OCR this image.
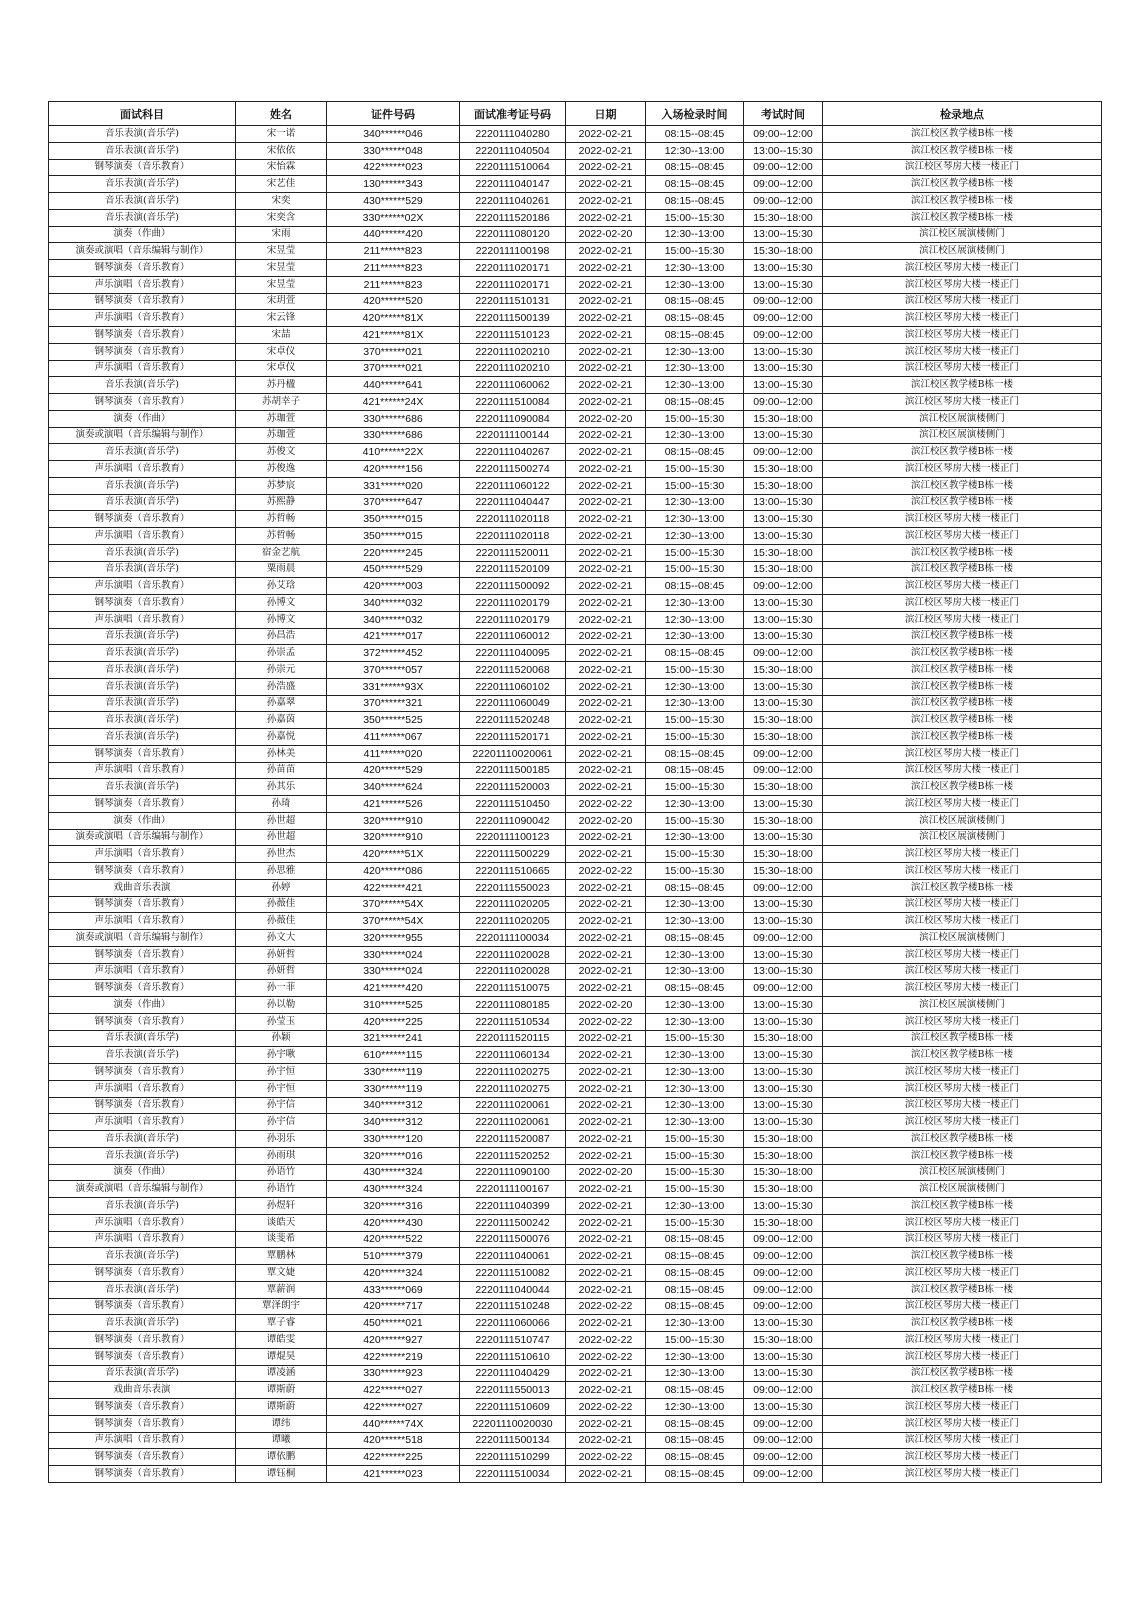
面试科目	姓名	证件号码	面试准考证号码	日期	入场检录时间	考试时间	检录地点
音乐表演(音乐学)	宋一诺	340******046	2220111040280	2022-02-21	08:15--08:45	09:00--12:00	滨江校区教学楼B栋一楼
音乐表演(音乐学)	宋依依	330******048	2220111040504	2022-02-21	12:30--13:00	13:00--15:30	滨江校区教学楼B栋一楼
钢琴演奏（音乐教育）	宋怡霖	422******023	2220111510064	2022-02-21	08:15--08:45	09:00--12:00	滨江校区琴房大楼一楼正门
音乐表演(音乐学)	宋艺佳	130******343	2220111040147	2022-02-21	08:15--08:45	09:00--12:00	滨江校区教学楼B栋一楼
音乐表演(音乐学)	宋奕	430******529	2220111040261	2022-02-21	08:15--08:45	09:00--12:00	滨江校区教学楼B栋一楼
音乐表演(音乐学)	宋奕含	330******02X	2220111520186	2022-02-21	15:00--15:30	15:30--18:00	滨江校区教学楼B栋一楼
演奏（作曲）	宋雨	440******420	2220111080120	2022-02-20	12:30--13:00	13:00--15:30	滨江校区展演楼侧门
演奏或演唱（音乐编辑与制作）	宋昱莹	211******823	2220111100198	2022-02-21	15:00--15:30	15:30--18:00	滨江校区展演楼侧门
钢琴演奏（音乐教育）	宋昱莹	211******823	2220111020171	2022-02-21	12:30--13:00	13:00--15:30	滨江校区琴房大楼一楼正门
声乐演唱（音乐教育）	宋昱莹	211******823	2220111020171	2022-02-21	12:30--13:00	13:00--15:30	滨江校区琴房大楼一楼正门
钢琴演奏（音乐教育）	宋玥萱	420******520	2220111510131	2022-02-21	08:15--08:45	09:00--12:00	滨江校区琴房大楼一楼正门
声乐演唱（音乐教育）	宋云锋	420******81X	2220111500139	2022-02-21	08:15--08:45	09:00--12:00	滨江校区琴房大楼一楼正门
钢琴演奏（音乐教育）	宋喆	421******81X	2220111510123	2022-02-21	08:15--08:45	09:00--12:00	滨江校区琴房大楼一楼正门
钢琴演奏（音乐教育）	宋卓仪	370******021	2220111020210	2022-02-21	12:30--13:00	13:00--15:30	滨江校区琴房大楼一楼正门
声乐演唱（音乐教育）	宋卓仪	370******021	2220111020210	2022-02-21	12:30--13:00	13:00--15:30	滨江校区琴房大楼一楼正门
音乐表演(音乐学)	苏丹楹	440******641	2220111060062	2022-02-21	12:30--13:00	13:00--15:30	滨江校区教学楼B栋一楼
钢琴演奏（音乐教育）	苏胡幸子	421******24X	2220111510084	2022-02-21	08:15--08:45	09:00--12:00	滨江校区琴房大楼一楼正门
演奏（作曲）	苏珈萱	330******686	2220111090084	2022-02-20	15:00--15:30	15:30--18:00	滨江校区展演楼侧门
演奏或演唱（音乐编辑与制作）	苏珈萱	330******686	2220111100144	2022-02-21	12:30--13:00	13:00--15:30	滨江校区展演楼侧门
音乐表演(音乐学)	苏俊文	410******22X	2220111040267	2022-02-21	08:15--08:45	09:00--12:00	滨江校区教学楼B栋一楼
声乐演唱（音乐教育）	苏俊逸	420******156	2220111500274	2022-02-21	15:00--15:30	15:30--18:00	滨江校区琴房大楼一楼正门
音乐表演(音乐学)	苏梦宸	331******020	2220111060122	2022-02-21	15:00--15:30	15:30--18:00	滨江校区教学楼B栋一楼
音乐表演(音乐学)	苏熙静	370******647	2220111040447	2022-02-21	12:30--13:00	13:00--15:30	滨江校区教学楼B栋一楼
钢琴演奏（音乐教育）	苏哲畅	350******015	2220111020118	2022-02-21	12:30--13:00	13:00--15:30	滨江校区琴房大楼一楼正门
声乐演唱（音乐教育）	苏哲畅	350******015	2220111020118	2022-02-21	12:30--13:00	13:00--15:30	滨江校区琴房大楼一楼正门
音乐表演(音乐学)	宿金艺航	220******245	2220111520011	2022-02-21	15:00--15:30	15:30--18:00	滨江校区教学楼B栋一楼
音乐表演(音乐学)	粟雨晨	450******529	2220111520109	2022-02-21	15:00--15:30	15:30--18:00	滨江校区教学楼B栋一楼
声乐演唱（音乐教育）	孙艾琀	420******003	2220111500092	2022-02-21	08:15--08:45	09:00--12:00	滨江校区琴房大楼一楼正门
钢琴演奏（音乐教育）	孙博文	340******032	2220111020179	2022-02-21	12:30--13:00	13:00--15:30	滨江校区琴房大楼一楼正门
声乐演唱（音乐教育）	孙博文	340******032	2220111020179	2022-02-21	12:30--13:00	13:00--15:30	滨江校区琴房大楼一楼正门
音乐表演(音乐学)	孙昌浩	421******017	2220111060012	2022-02-21	12:30--13:00	13:00--15:30	滨江校区教学楼B栋一楼
音乐表演(音乐学)	孙崇孟	372******452	2220111040095	2022-02-21	08:15--08:45	09:00--12:00	滨江校区教学楼B栋一楼
音乐表演(音乐学)	孙崇元	370******057	2220111520068	2022-02-21	15:00--15:30	15:30--18:00	滨江校区教学楼B栋一楼
音乐表演(音乐学)	孙浩盛	331******93X	2220111060102	2022-02-21	12:30--13:00	13:00--15:30	滨江校区教学楼B栋一楼
音乐表演(音乐学)	孙嘉翠	370******321	2220111060049	2022-02-21	12:30--13:00	13:00--15:30	滨江校区教学楼B栋一楼
音乐表演(音乐学)	孙嘉茵	350******525	2220111520248	2022-02-21	15:00--15:30	15:30--18:00	滨江校区教学楼B栋一楼
音乐表演(音乐学)	孙嘉悦	411******067	2220111520171	2022-02-21	15:00--15:30	15:30--18:00	滨江校区教学楼B栋一楼
钢琴演奏（音乐教育）	孙林美	411******020	22201110020061	2022-02-21	08:15--08:45	09:00--12:00	滨江校区琴房大楼一楼正门
声乐演唱（音乐教育）	孙苗苗	420******529	2220111500185	2022-02-21	08:15--08:45	09:00--12:00	滨江校区琴房大楼一楼正门
音乐表演(音乐学)	孙其乐	340******624	2220111520003	2022-02-21	15:00--15:30	15:30--18:00	滨江校区教学楼B栋一楼
钢琴演奏（音乐教育）	孙琦	421******526	2220111510450	2022-02-22	12:30--13:00	13:00--15:30	滨江校区琴房大楼一楼正门
演奏（作曲）	孙世超	320******910	2220111090042	2022-02-20	15:00--15:30	15:30--18:00	滨江校区展演楼侧门
演奏或演唱（音乐编辑与制作）	孙世超	320******910	2220111100123	2022-02-21	12:30--13:00	13:00--15:30	滨江校区展演楼侧门
声乐演唱（音乐教育）	孙世杰	420******51X	2220111500229	2022-02-21	15:00--15:30	15:30--18:00	滨江校区琴房大楼一楼正门
钢琴演奏（音乐教育）	孙思雅	420******086	2220111510665	2022-02-22	15:00--15:30	15:30--18:00	滨江校区琴房大楼一楼正门
戏曲音乐表演	孙婷	422******421	2220111550023	2022-02-21	08:15--08:45	09:00--12:00	滨江校区教学楼B栋一楼
钢琴演奏（音乐教育）	孙薇佳	370******54X	2220111020205	2022-02-21	12:30--13:00	13:00--15:30	滨江校区琴房大楼一楼正门
声乐演唱（音乐教育）	孙薇佳	370******54X	2220111020205	2022-02-21	12:30--13:00	13:00--15:30	滨江校区琴房大楼一楼正门
演奏或演唱（音乐编辑与制作）	孙文大	320******955	2220111100034	2022-02-21	08:15--08:45	09:00--12:00	滨江校区展演楼侧门
钢琴演奏（音乐教育）	孙妍哲	330******024	2220111020028	2022-02-21	12:30--13:00	13:00--15:30	滨江校区琴房大楼一楼正门
声乐演唱（音乐教育）	孙妍哲	330******024	2220111020028	2022-02-21	12:30--13:00	13:00--15:30	滨江校区琴房大楼一楼正门
钢琴演奏（音乐教育）	孙一菲	421******420	2220111510075	2022-02-21	08:15--08:45	09:00--12:00	滨江校区琴房大楼一楼正门
演奏（作曲）	孙以勒	310******525	2220111080185	2022-02-20	12:30--13:00	13:00--15:30	滨江校区展演楼侧门
钢琴演奏（音乐教育）	孙莹玉	420******225	2220111510534	2022-02-22	12:30--13:00	13:00--15:30	滨江校区琴房大楼一楼正门
音乐表演(音乐学)	孙颖	321******241	2220111520115	2022-02-21	15:00--15:30	15:30--18:00	滨江校区教学楼B栋一楼
音乐表演(音乐学)	孙宇啾	610******115	2220111060134	2022-02-21	12:30--13:00	13:00--15:30	滨江校区教学楼B栋一楼
钢琴演奏（音乐教育）	孙宇恒	330******119	2220111020275	2022-02-21	12:30--13:00	13:00--15:30	滨江校区琴房大楼一楼正门
声乐演唱（音乐教育）	孙宇恒	330******119	2220111020275	2022-02-21	12:30--13:00	13:00--15:30	滨江校区琴房大楼一楼正门
钢琴演奏（音乐教育）	孙宇信	340******312	2220111020061	2022-02-21	12:30--13:00	13:00--15:30	滨江校区琴房大楼一楼正门
声乐演唱（音乐教育）	孙宇信	340******312	2220111020061	2022-02-21	12:30--13:00	13:00--15:30	滨江校区琴房大楼一楼正门
音乐表演(音乐学)	孙羽乐	330******120	2220111520087	2022-02-21	15:00--15:30	15:30--18:00	滨江校区教学楼B栋一楼
音乐表演(音乐学)	孙雨琪	320******016	2220111520252	2022-02-21	15:00--15:30	15:30--18:00	滨江校区教学楼B栋一楼
演奏（作曲）	孙语竹	430******324	2220111090100	2022-02-20	15:00--15:30	15:30--18:00	滨江校区展演楼侧门
演奏或演唱（音乐编辑与制作）	孙语竹	430******324	2220111100167	2022-02-21	15:00--15:30	15:30--18:00	滨江校区展演楼侧门
音乐表演(音乐学)	孙煜轩	320******316	2220111040399	2022-02-21	12:30--13:00	13:00--15:30	滨江校区教学楼B栋一楼
声乐演唱（音乐教育）	谈皓天	420******430	2220111500242	2022-02-21	15:00--15:30	15:30--18:00	滨江校区琴房大楼一楼正门
声乐演唱（音乐教育）	谈斐希	420******522	2220111500076	2022-02-21	08:15--08:45	09:00--12:00	滨江校区琴房大楼一楼正门
音乐表演(音乐学)	覃鹏林	510******379	2220111040061	2022-02-21	08:15--08:45	09:00--12:00	滨江校区教学楼B栋一楼
钢琴演奏（音乐教育）	覃文婕	420******324	2220111510082	2022-02-21	08:15--08:45	09:00--12:00	滨江校区琴房大楼一楼正门
音乐表演(音乐学)	覃薪润	433******069	2220111040044	2022-02-21	08:15--08:45	09:00--12:00	滨江校区教学楼B栋一楼
钢琴演奏（音乐教育）	覃泽朗宇	420******717	2220111510248	2022-02-22	08:15--08:45	09:00--12:00	滨江校区琴房大楼一楼正门
音乐表演(音乐学)	覃子睿	450******021	2220111060066	2022-02-21	12:30--13:00	13:00--15:30	滨江校区教学楼B栋一楼
钢琴演奏（音乐教育）	谭皓雯	420******927	2220111510747	2022-02-22	15:00--15:30	15:30--18:00	滨江校区琴房大楼一楼正门
钢琴演奏（音乐教育）	谭焜昊	422******219	2220111510610	2022-02-22	12:30--13:00	13:00--15:30	滨江校区琴房大楼一楼正门
音乐表演(音乐学)	谭凌涵	330******923	2220111040429	2022-02-21	12:30--13:00	13:00--15:30	滨江校区教学楼B栋一楼
戏曲音乐表演	谭斯蔚	422******027	2220111550013	2022-02-21	08:15--08:45	09:00--12:00	滨江校区教学楼B栋一楼
钢琴演奏（音乐教育）	谭斯蔚	422******027	2220111510609	2022-02-22	12:30--13:00	13:00--15:30	滨江校区琴房大楼一楼正门
钢琴演奏（音乐教育）	谭纬	440******74X	22201110020030	2022-02-21	08:15--08:45	09:00--12:00	滨江校区琴房大楼一楼正门
声乐演唱（音乐教育）	谭曦	420******518	2220111500134	2022-02-21	08:15--08:45	09:00--12:00	滨江校区琴房大楼一楼正门
钢琴演奏（音乐教育）	谭依鹏	422******225	2220111510299	2022-02-22	08:15--08:45	09:00--12:00	滨江校区琴房大楼一楼正门
钢琴演奏（音乐教育）	谭钰桐	421******023	2220111510034	2022-02-21	08:15--08:45	09:00--12:00	滨江校区琴房大楼一楼正门
